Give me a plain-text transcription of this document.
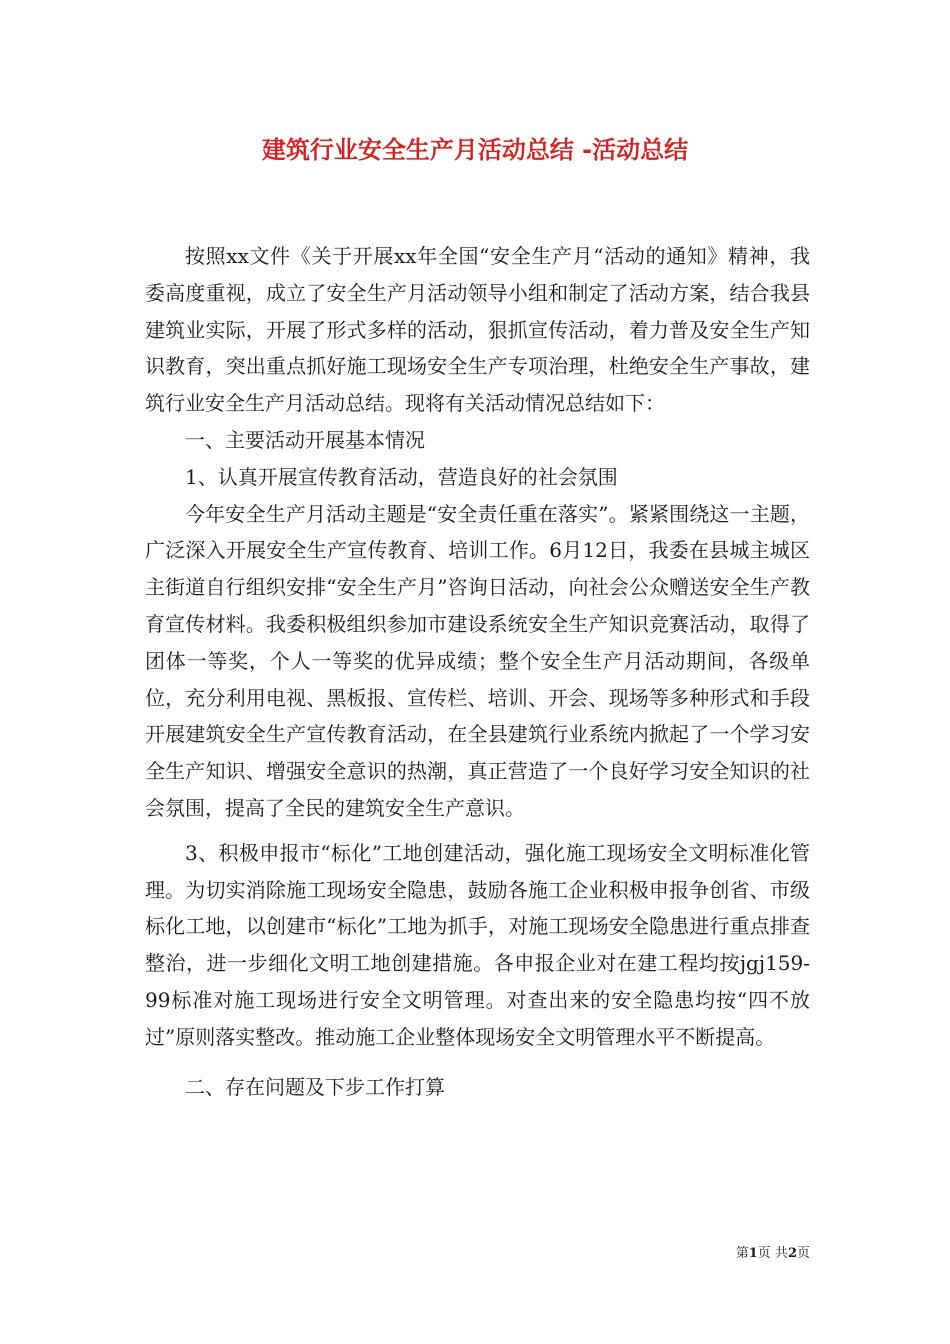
建筑行业安全生产月活动总结 -活动总结

按照xx文件《关于开展xx年全国“安全生产月“活动的通知》精神，我委高度重视，成立了安全生产月活动领导小组和制定了活动方案，结合我县建筑业实际，开展了形式多样的活动，狠抓宣传活动，着力普及安全生产知识教育，突出重点抓好施工现场安全生产专项治理，杜绝安全生产事故，建筑行业安全生产月活动总结。现将有关活动情况总结如下：

一、主要活动开展基本情况

1、认真开展宣传教育活动，营造良好的社会氛围

今年安全生产月活动主题是“安全责任重在落实”。紧紧围绕这一主题，广泛深入开展安全生产宣传教育、培训工作。6月12日，我委在县城主城区主街道自行组织安排“安全生产月”咨询日活动，向社会公众赠送安全生产教育宣传材料。我委积极组织参加市建设系统安全生产知识竞赛活动，取得了团体一等奖，个人一等奖的优异成绩；整个安全生产月活动期间，各级单位，充分利用电视、黑板报、宣传栏、培训、开会、现场等多种形式和手段开展建筑安全生产宣传教育活动，在全县建筑行业系统内掀起了一个学习安全生产知识、增强安全意识的热潮，真正营造了一个良好学习安全知识的社会氛围，提高了全民的建筑安全生产意识。

3、积极申报市“标化”工地创建活动，强化施工现场安全文明标准化管理。为切实消除施工现场安全隐患，鼓励各施工企业积极申报争创省、市级标化工地，以创建市“标化”工地为抓手，对施工现场安全隐患进行重点排查整治，进一步细化文明工地创建措施。各申报企业对在建工程均按jgj159-99标准对施工现场进行安全文明管理。对查出来的安全隐患均按“四不放过”原则落实整改。推动施工企业整体现场安全文明管理水平不断提高。

二、存在问题及下步工作打算

第1页 共2页
